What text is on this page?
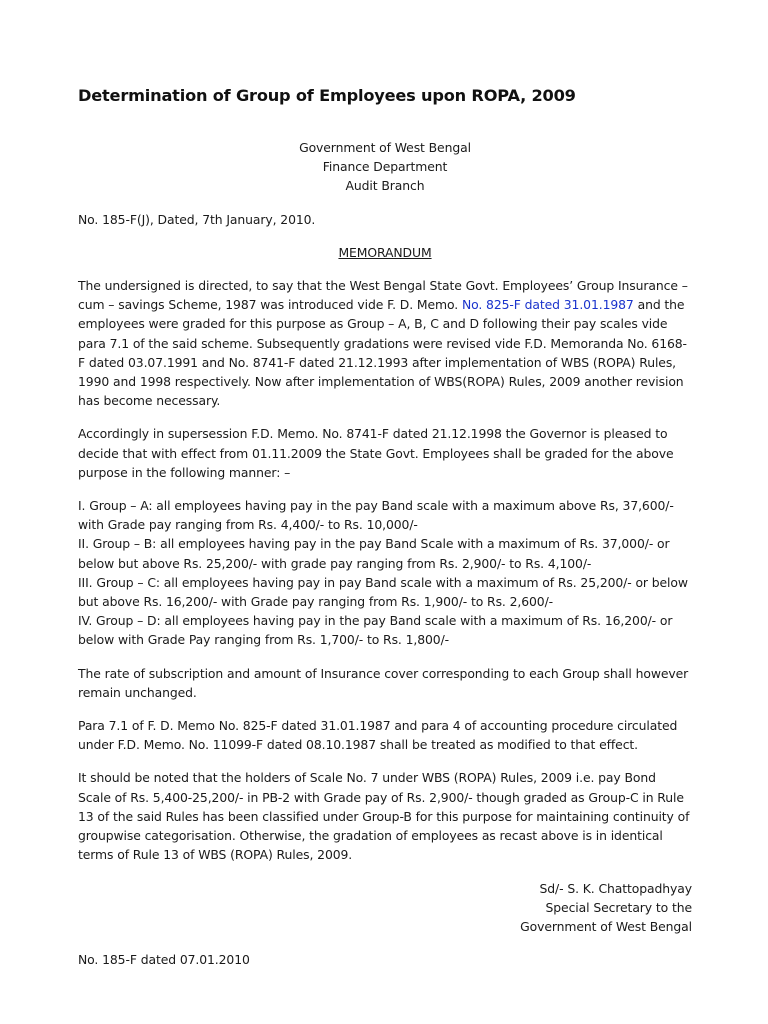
Determination of Group of Employees upon ROPA, 2009
Government of West Bengal
Finance Department
Audit Branch
No. 185-F(J), Dated, 7th January, 2010.
MEMORANDUM

The undersigned is directed, to say that the West Bengal State Govt. Employees’ Group Insurance – cum – savings Scheme, 1987 was introduced vide F. D. Memo. No. 825-F dated 31.01.1987 and the employees were graded for this purpose as Group – A, B, C and D following their pay scales vide para 7.1 of the said scheme. Subsequently gradations were revised vide F.D. Memoranda No. 6168-F dated 03.07.1991 and No. 8741-F dated 21.12.1993 after implementation of WBS (ROPA) Rules, 1990 and 1998 respectively. Now after implementation of WBS(ROPA) Rules, 2009 another revision has become necessary.

Accordingly in supersession F.D. Memo. No. 8741-F dated 21.12.1998 the Governor is pleased to decide that with effect from 01.11.2009 the State Govt. Employees shall be graded for the above purpose in the following manner: –

I. Group – A: all employees having pay in the pay Band scale with a maximum above Rs, 37,600/- with Grade pay ranging from Rs. 4,400/- to Rs. 10,000/-
II. Group – B: all employees having pay in the pay Band Scale with a maximum of Rs. 37,000/- or below but above Rs. 25,200/- with grade pay ranging from Rs. 2,900/- to Rs. 4,100/-
III. Group – C: all employees having pay in pay Band scale with a maximum of Rs. 25,200/- or below but above Rs. 16,200/- with Grade pay ranging from Rs. 1,900/- to Rs. 2,600/-
IV. Group – D: all employees having pay in the pay Band scale with a maximum of Rs. 16,200/- or below with Grade Pay ranging from Rs. 1,700/- to Rs. 1,800/-

The rate of subscription and amount of Insurance cover corresponding to each Group shall however remain unchanged.

Para 7.1 of F. D. Memo No. 825-F dated 31.01.1987 and para 4 of accounting procedure circulated under F.D. Memo. No. 11099-F dated 08.10.1987 shall be treated as modified to that effect.

It should be noted that the holders of Scale No. 7 under WBS (ROPA) Rules, 2009 i.e. pay Bond Scale of Rs. 5,400-25,200/- in PB-2 with Grade pay of Rs. 2,900/- though graded as Group-C in Rule 13 of the said Rules has been classified under Group-B for this purpose for maintaining continuity of groupwise categorisation. Otherwise, the gradation of employees as recast above is in identical terms of Rule 13 of WBS (ROPA) Rules, 2009.

Sd/- S. K. Chattopadhyay
Special Secretary to the
Government of West Bengal
No. 185-F dated 07.01.2010
